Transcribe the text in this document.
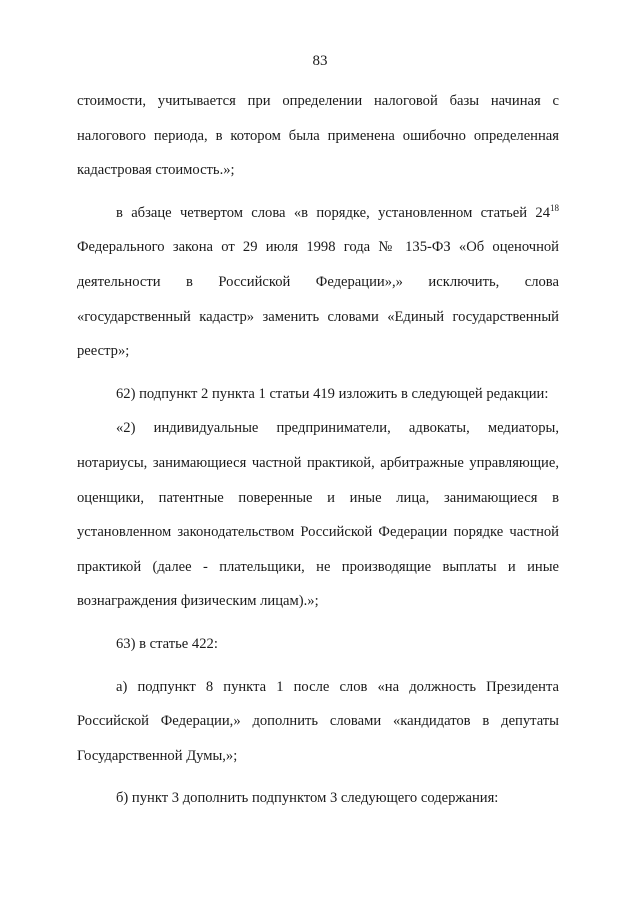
83

стоимости, учитывается при определении налоговой базы начиная с налогового периода, в котором была применена ошибочно определенная кадастровая стоимость.»;

в абзаце четвертом слова «в порядке, установленном статьей $24^{18}$ Федерального закона от 29 июля 1998 года № 135-ФЗ «Об оценочной деятельности в Российской Федерации»,» исключить, слова «государственный кадастр» заменить словами «Единый государственный реестр»;

62) подпункт 2 пункта 1 статьи 419 изложить в следующей редакции:

«2) индивидуальные предприниматели, адвокаты, медиаторы, нотариусы, занимающиеся частной практикой, арбитражные управляющие, оценщики, патентные поверенные и иные лица, занимающиеся в установленном законодательством Российской Федерации порядке частной практикой (далее - плательщики, не производящие выплаты и иные вознаграждения физическим лицам).»;

63) в статье 422:

а) подпункт 8 пункта 1 после слов «на должность Президента Российской Федерации,» дополнить словами «кандидатов в депутаты Государственной Думы,»;

б) пункт 3 дополнить подпунктом 3 следующего содержания:
